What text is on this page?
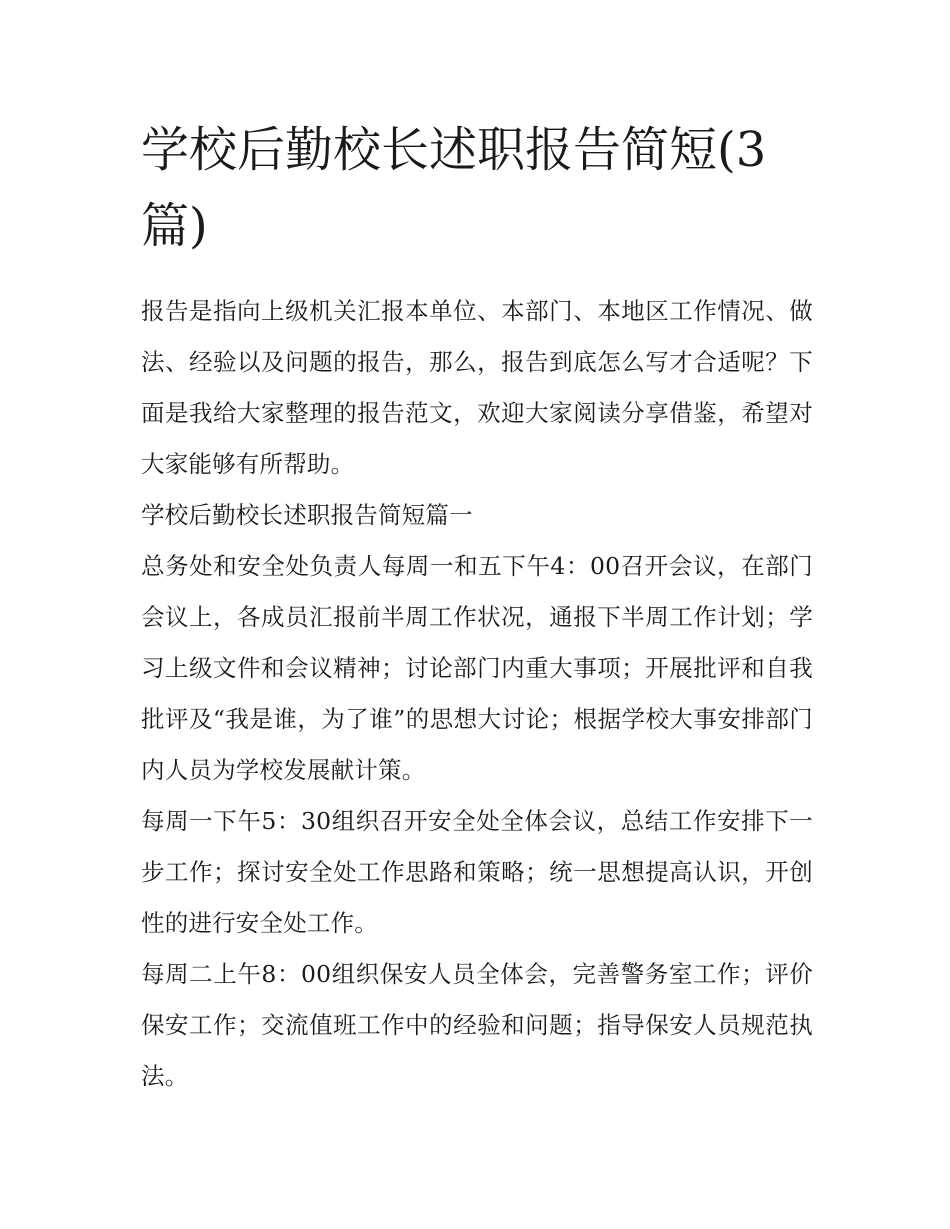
学校后勤校长述职报告简短(3篇)

报告是指向上级机关汇报本单位、本部门、本地区工作情况、做法、经验以及问题的报告，那么，报告到底怎么写才合适呢？下面是我给大家整理的报告范文，欢迎大家阅读分享借鉴，希望对大家能够有所帮助。

学校后勤校长述职报告简短篇一

总务处和安全处负责人每周一和五下午4：00召开会议，在部门会议上，各成员汇报前半周工作状况，通报下半周工作计划；学习上级文件和会议精神；讨论部门内重大事项；开展批评和自我批评及“我是谁，为了谁”的思想大讨论；根据学校大事安排部门内人员为学校发展献计策。

每周一下午5：30组织召开安全处全体会议，总结工作安排下一步工作；探讨安全处工作思路和策略；统一思想提高认识，开创性的进行安全处工作。

每周二上午8：00组织保安人员全体会，完善警务室工作；评价保安工作；交流值班工作中的经验和问题；指导保安人员规范执法。
